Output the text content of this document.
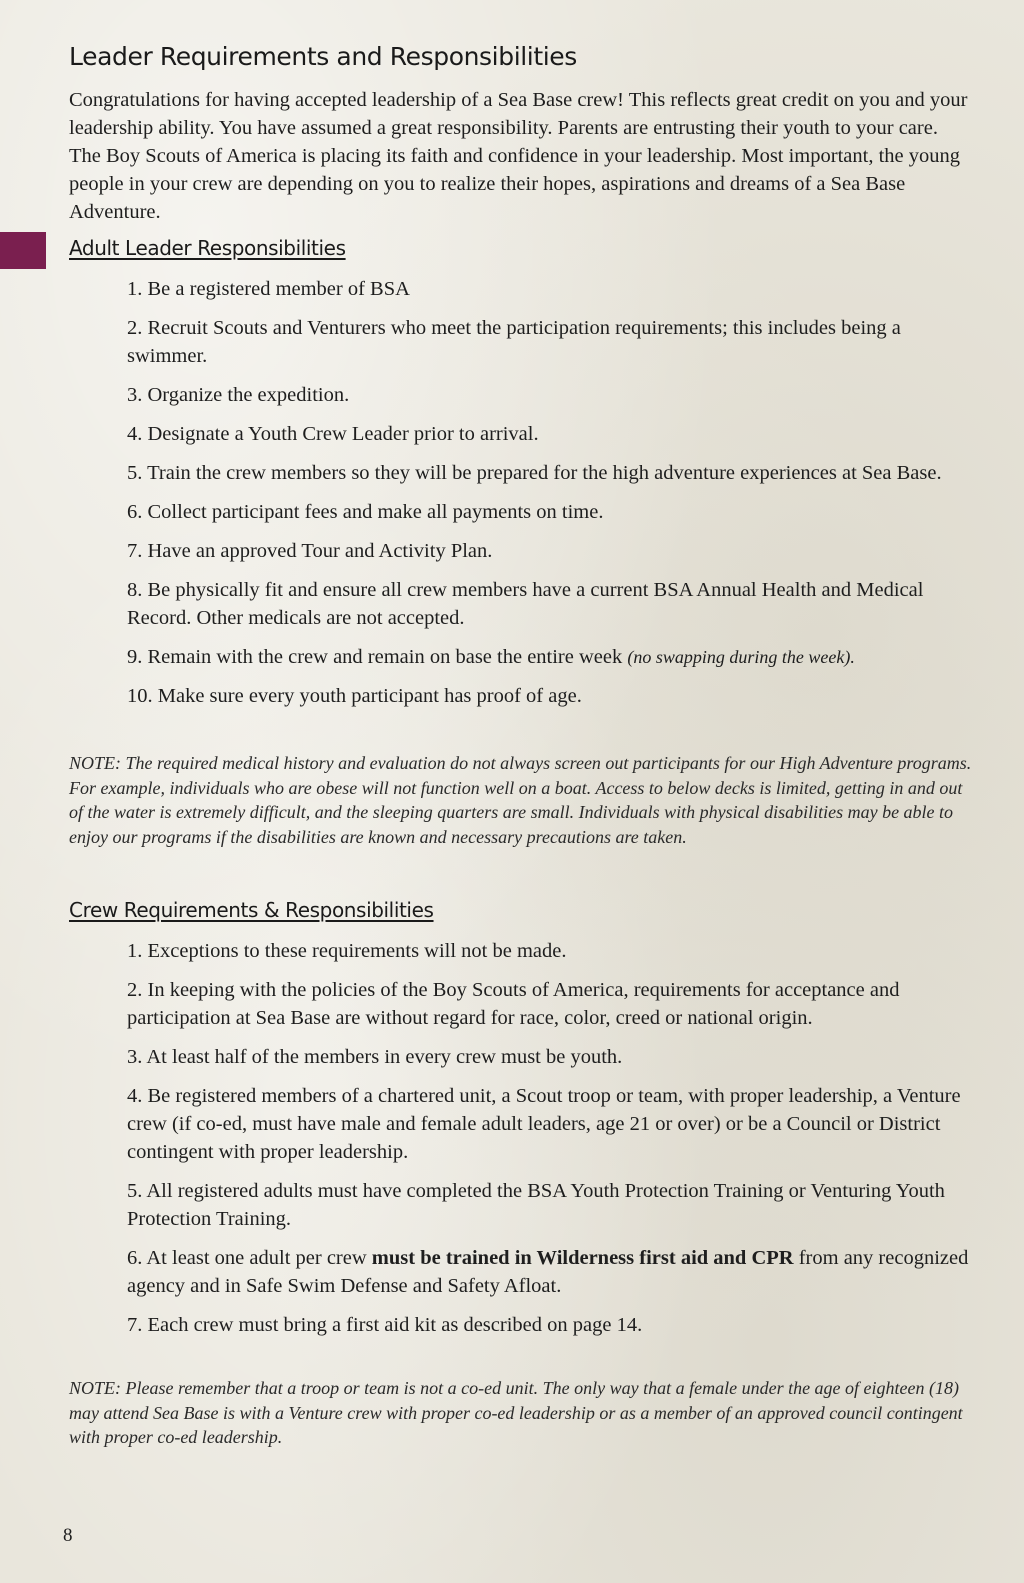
Leader Requirements and Responsibilities

Congratulations for having accepted leadership of a Sea Base crew! This reflects great credit on you and your leadership ability. You have assumed a great responsibility. Parents are entrusting their youth to your care. The Boy Scouts of America is placing its faith and confidence in your leadership. Most important, the young people in your crew are depending on you to realize their hopes, aspirations and dreams of a Sea Base Adventure.

Adult Leader Responsibilities
1. Be a registered member of BSA
2. Recruit Scouts and Venturers who meet the participation requirements; this includes being a swimmer.
3. Organize the expedition.
4. Designate a Youth Crew Leader prior to arrival.
5. Train the crew members so they will be prepared for the high adventure experiences at Sea Base.
6. Collect participant fees and make all payments on time.
7. Have an approved Tour and Activity Plan.
8. Be physically fit and ensure all crew members have a current BSA Annual Health and Medical Record. Other medicals are not accepted.
9. Remain with the crew and remain on base the entire week (no swapping during the week).
10. Make sure every youth participant has proof of age.

NOTE: The required medical history and evaluation do not always screen out participants for our High Adventure programs. For example, individuals who are obese will not function well on a boat. Access to below decks is limited, getting in and out of the water is extremely difficult, and the sleeping quarters are small. Individuals with physical disabilities may be able to enjoy our programs if the disabilities are known and necessary precautions are taken.

Crew Requirements & Responsibilities
1. Exceptions to these requirements will not be made.
2. In keeping with the policies of the Boy Scouts of America, requirements for acceptance and participation at Sea Base are without regard for race, color, creed or national origin.
3. At least half of the members in every crew must be youth.
4. Be registered members of a chartered unit, a Scout troop or team, with proper leadership, a Venture crew (if co-ed, must have male and female adult leaders, age 21 or over) or be a Council or District contingent with proper leadership.
5. All registered adults must have completed the BSA Youth Protection Training or Venturing Youth Protection Training.
6. At least one adult per crew must be trained in Wilderness first aid and CPR from any recognized agency and in Safe Swim Defense and Safety Afloat.
7. Each crew must bring a first aid kit as described on page 14.

NOTE: Please remember that a troop or team is not a co-ed unit. The only way that a female under the age of eighteen (18) may attend Sea Base is with a Venture crew with proper co-ed leadership or as a member of an approved council contingent with proper co-ed leadership.

8
